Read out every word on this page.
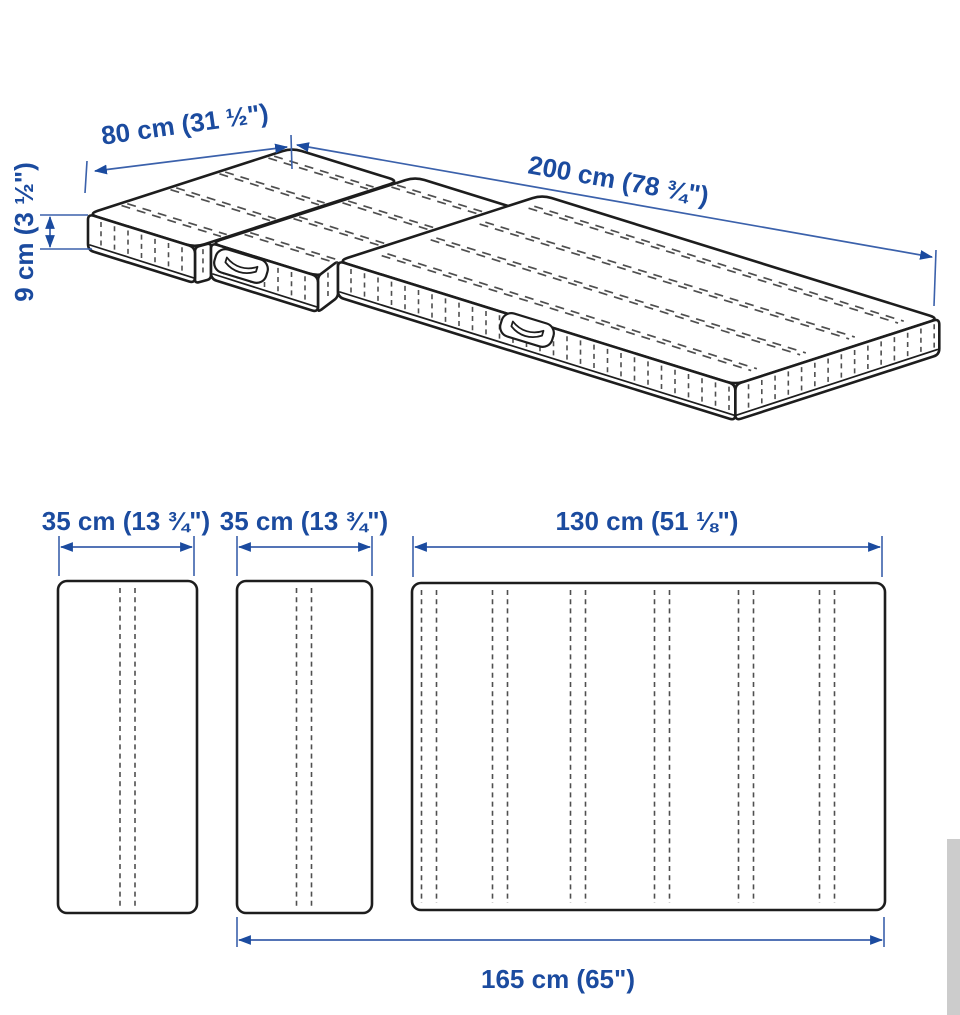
80 cm (31 ½")
200 cm (78 ¾")
9 cm (3 ½")
35 cm (13 ¾") 35 cm (13 ¾")	130 cm (51 ⅛")
165 cm (65")
